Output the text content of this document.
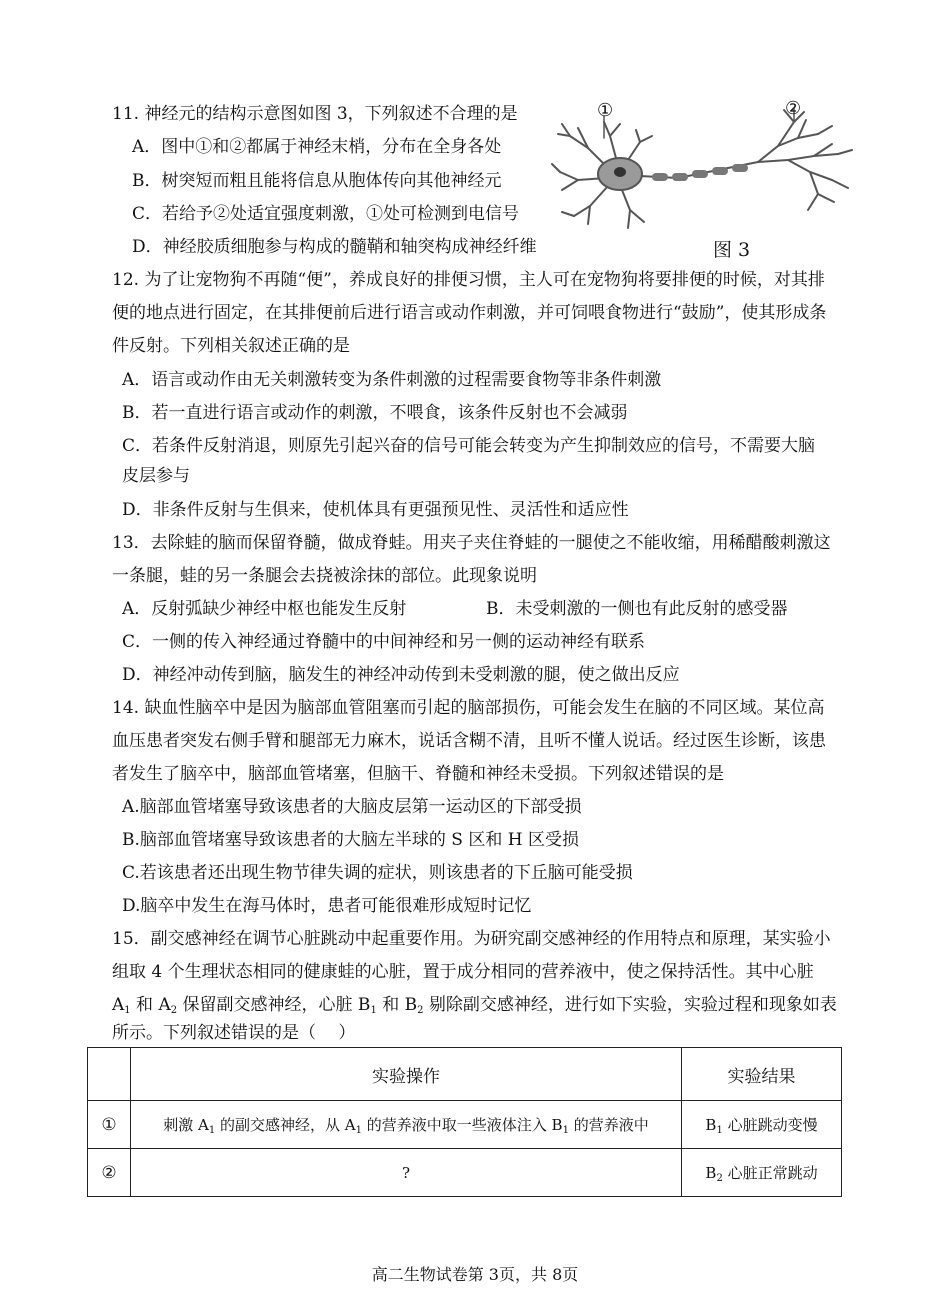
11. 神经元的结构示意图如图 3，下列叙述不合理的是
A．图中①和②都属于神经末梢，分布在全身各处
B．树突短而粗且能将信息从胞体传向其他神经元
C．若给予②处适宜强度刺激，①处可检测到电信号
D．神经胶质细胞参与构成的髓鞘和轴突构成神经纤维
①	②
图 3
12. 为了让宠物狗不再随“便”，养成良好的排便习惯，主人可在宠物狗将要排便的时候，对其排
便的地点进行固定，在其排便前后进行语言或动作刺激，并可饲喂食物进行“鼓励”，使其形成条
件反射。下列相关叙述正确的是
A．语言或动作由无关刺激转变为条件刺激的过程需要食物等非条件刺激
B．若一直进行语言或动作的刺激，不喂食，该条件反射也不会减弱
C．若条件反射消退，则原先引起兴奋的信号可能会转变为产生抑制效应的信号，不需要大脑
皮层参与
D．非条件反射与生俱来，使机体具有更强预见性、灵活性和适应性
13．去除蛙的脑而保留脊髓，做成脊蛙。用夹子夹住脊蛙的一腿使之不能收缩，用稀醋酸刺激这
一条腿，蛙的另一条腿会去挠被涂抹的部位。此现象说明
A．反射弧缺少神经中枢也能发生反射	B．未受刺激的一侧也有此反射的感受器
C．一侧的传入神经通过脊髓中的中间神经和另一侧的运动神经有联系
D．神经冲动传到脑，脑发生的神经冲动传到未受刺激的腿，使之做出反应
14. 缺血性脑卒中是因为脑部血管阻塞而引起的脑部损伤，可能会发生在脑的不同区域。某位高
血压患者突发右侧手臂和腿部无力麻木，说话含糊不清，且听不懂人说话。经过医生诊断，该患
者发生了脑卒中，脑部血管堵塞，但脑干、脊髓和神经未受损。下列叙述错误的是
A.脑部血管堵塞导致该患者的大脑皮层第一运动区的下部受损
B.脑部血管堵塞导致该患者的大脑左半球的 S 区和 H 区受损
C.若该患者还出现生物节律失调的症状，则该患者的下丘脑可能受损
D.脑卒中发生在海马体时，患者可能很难形成短时记忆
15．副交感神经在调节心脏跳动中起重要作用。为研究副交感神经的作用特点和原理，某实验小
组取 4 个生理状态相同的健康蛙的心脏，置于成分相同的营养液中，使之保持活性。其中心脏
$A_1$ 和 $A_2$ 保留副交感神经，心脏 $B_1$ 和 $B_2$ 剔除副交感神经，进行如下实验，实验过程和现象如表
所示。下列叙述错误的是（　 ）
	实验操作	实验结果
①	刺激 $A_1$ 的副交感神经，从 $A_1$ 的营养液中取一些液体注入 $B_1$ 的营养液中	$B_1$ 心脏跳动变慢
②	?	$B_2$ 心脏正常跳动
高二生物试卷第 3页，共 8页
